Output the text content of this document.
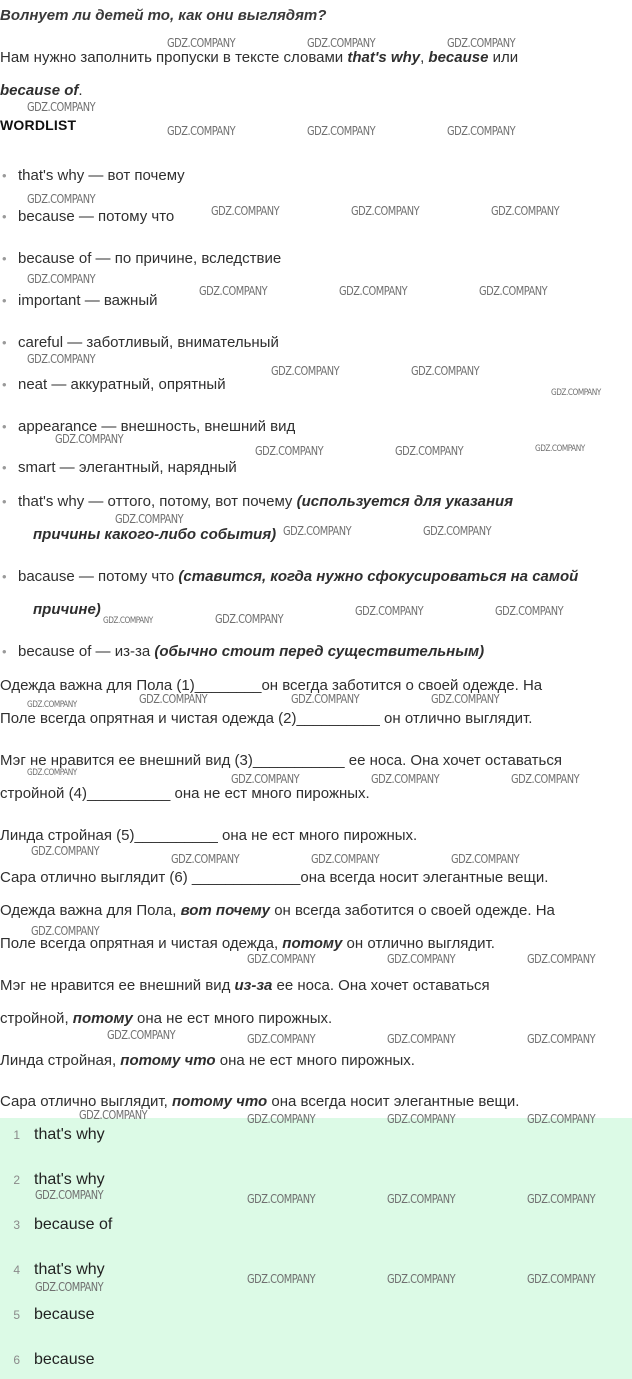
Волнует ли детей то, как они выглядят?
Нам нужно заполнить пропуски в тексте словами that's why, because или
because of.
WORDLIST
• that's why — вот почему
• because — потому что
• because of — по причине, вследствие
• important — важный
• careful — заботливый, внимательный
• neat — аккуратный, опрятный
• appearance — внешность, внешний вид
• smart — элегантный, нарядный
• that's why — оттого, потому, вот почему (используется для указания
причины какого-либо события)
• bacause — потому что (ставится, когда нужно сфокусироваться на самой
причине)
• because of — из-за (обычно стоит перед существительным)
Одежда важна для Пола (1)________он всегда заботится о своей одежде. На
Поле всегда опрятная и чистая одежда (2)__________ он отлично выглядит.
Мэг не нравится ее внешний вид (3)___________ ее носа. Она хочет оставаться
стройной (4)__________ она не ест много пирожных.
Линда стройная (5)__________ она не ест много пирожных.
Сара отлично выглядит (6) _____________она всегда носит элегантные вещи.
Одежда важна для Пола, вот почему он всегда заботится о своей одежде. На
Поле всегда опрятная и чистая одежда, потому он отлично выглядит.
Мэг не нравится ее внешний вид из-за ее носа. Она хочет оставаться
стройной, потому она не ест много пирожных.
Линда стройная, потому что она не ест много пирожных.
Сара отлично выглядит, потому что она всегда носит элегантные вещи.
1 that's why
2 that's why
3 because of
4 that's why
5 because
6 because
GDZ.COMPANY	GDZ.COMPANY	GDZ.COMPANY
GDZ.COMPANY
GDZ.COMPANY	GDZ.COMPANY	GDZ.COMPANY
GDZ.COMPANY
GDZ.COMPANY	GDZ.COMPANY	GDZ.COMPANY
GDZ.COMPANY
GDZ.COMPANY	GDZ.COMPANY	GDZ.COMPANY
GDZ.COMPANY
GDZ.COMPANY	GDZ.COMPANY
GDZ.COMPANY
GDZ.COMPANY
GDZ.COMPANY	GDZ.COMPANY	GDZ.COMPANY
GDZ.COMPANY
GDZ.COMPANY	GDZ.COMPANY
GDZ.COMPANY	GDZ.COMPANY
GDZ.COMPANY	GDZ.COMPANY
GDZ.COMPANY	GDZ.COMPANY	GDZ.COMPANY	GDZ.COMPANY
GDZ.COMPANY	GDZ.COMPANY	GDZ.COMPANY	GDZ.COMPANY
GDZ.COMPANY
GDZ.COMPANY	GDZ.COMPANY	GDZ.COMPANY
GDZ.COMPANY
GDZ.COMPANY	GDZ.COMPANY	GDZ.COMPANY
GDZ.COMPANY	GDZ.COMPANY	GDZ.COMPANY	GDZ.COMPANY
GDZ.COMPANY	GDZ.COMPANY	GDZ.COMPANY	GDZ.COMPANY
GDZ.COMPANY	GDZ.COMPANY	GDZ.COMPANY	GDZ.COMPANY
GDZ.COMPANY
GDZ.COMPANY	GDZ.COMPANY	GDZ.COMPANY
